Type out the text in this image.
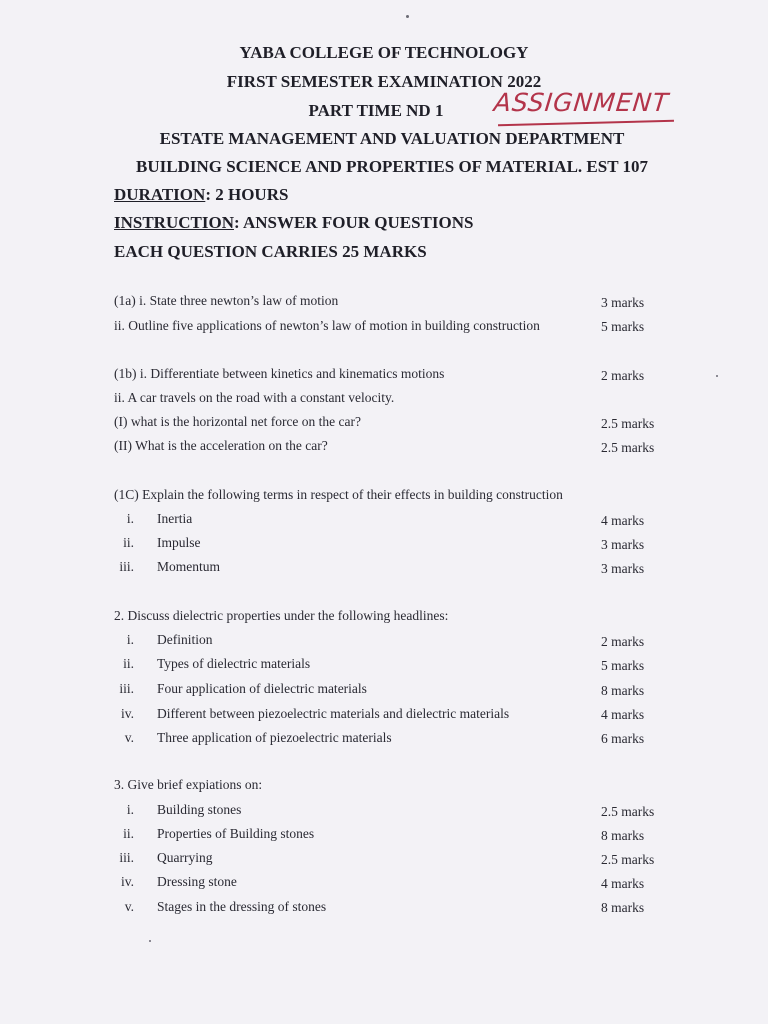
YABA COLLEGE OF TECHNOLOGY
FIRST SEMESTER EXAMINATION 2022
PART TIME ND 1	ASSIGNMENT
ESTATE MANAGEMENT AND VALUATION DEPARTMENT
BUILDING SCIENCE AND PROPERTIES OF MATERIAL. EST 107
DURATION: 2 HOURS
INSTRUCTION: ANSWER FOUR QUESTIONS
EACH QUESTION CARRIES 25 MARKS
(1a) i. State three newton’s law of motion	3 marks
ii. Outline five applications of newton’s law of motion in building construction	5 marks
(1b) i. Differentiate between kinetics and kinematics motions	2 marks
ii. A car travels on the road with a constant velocity.
(I) what is the horizontal net force on the car?	2.5 marks
(II) What is the acceleration on the car?	2.5 marks
(1C) Explain the following terms in respect of their effects in building construction
i. Inertia	4 marks
ii. Impulse	3 marks
iii. Momentum	3 marks
2. Discuss dielectric properties under the following headlines:
i. Definition	2 marks
ii. Types of dielectric materials	5 marks
iii. Four application of dielectric materials	8 marks
iv. Different between piezoelectric materials and dielectric materials	4 marks
v. Three application of piezoelectric materials	6 marks
3. Give brief expiations on:
i. Building stones	2.5 marks
ii. Properties of Building stones	8 marks
iii. Quarrying	2.5 marks
iv. Dressing stone	4 marks
v. Stages in the dressing of stones	8 marks
